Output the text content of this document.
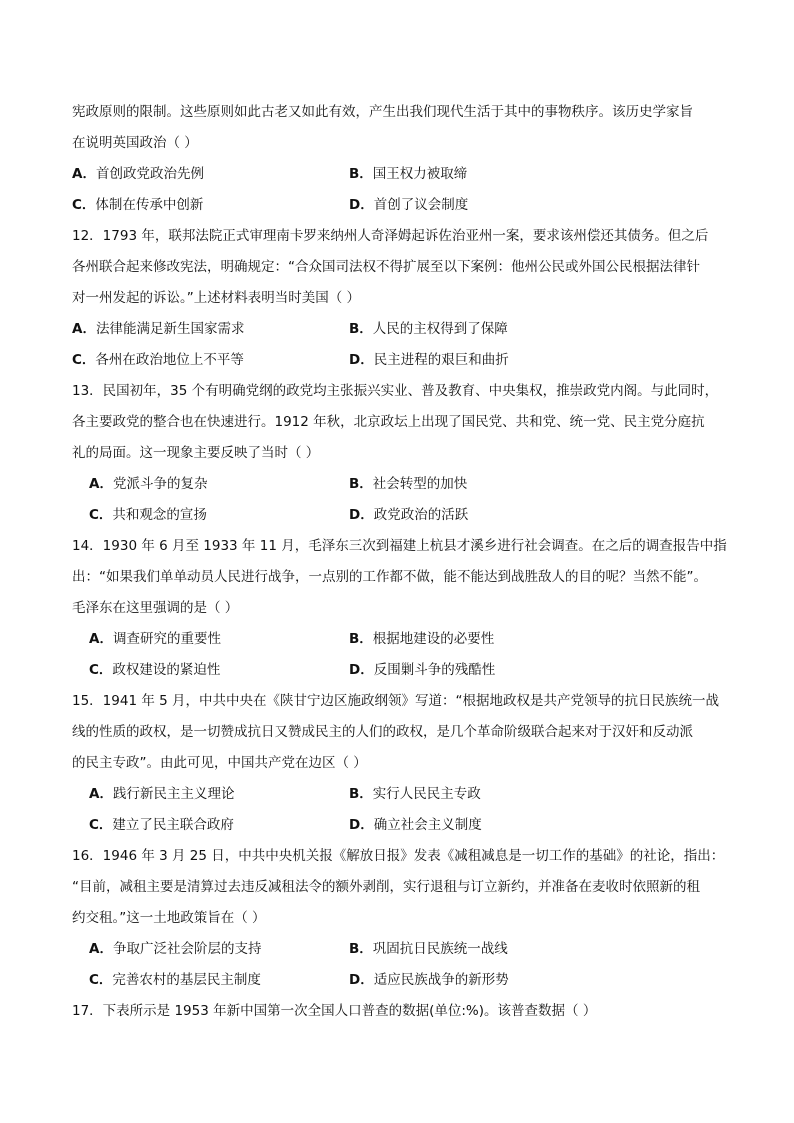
宪政原则的限制。这些原则如此古老又如此有效，产生出我们现代生活于其中的事物秩序。该历史学家旨
在说明英国政治（ ）
A．首创政党政治先例	B．国王权力被取缔
C．体制在传承中创新	D．首创了议会制度
12．1793 年，联邦法院正式审理南卡罗来纳州人奇泽姆起诉佐治亚州一案，要求该州偿还其债务。但之后
各州联合起来修改宪法，明确规定：“合众国司法权不得扩展至以下案例：他州公民或外国公民根据法律针
对一州发起的诉讼。”上述材料表明当时美国（ ）
A．法律能满足新生国家需求	B．人民的主权得到了保障
C．各州在政治地位上不平等	D．民主进程的艰巨和曲折
13．民国初年，35 个有明确党纲的政党均主张振兴实业、普及教育、中央集权，推崇政党内阁。与此同时，
各主要政党的整合也在快速进行。1912 年秋，北京政坛上出现了国民党、共和党、统一党、民主党分庭抗
礼的局面。这一现象主要反映了当时（ ）
A．党派斗争的复杂	B．社会转型的加快
C．共和观念的宣扬	D．政党政治的活跃
14．1930 年 6 月至 1933 年 11 月，毛泽东三次到福建上杭县才溪乡进行社会调查。在之后的调查报告中指
出：“如果我们单单动员人民进行战争，一点别的工作都不做，能不能达到战胜敌人的目的呢？当然不能”。
毛泽东在这里强调的是（ ）
A．调查研究的重要性	B．根据地建设的必要性
C．政权建设的紧迫性	D．反围剿斗争的残酷性
15．1941 年 5 月，中共中央在《陕甘宁边区施政纲领》写道：“根据地政权是共产党领导的抗日民族统一战
线的性质的政权，是一切赞成抗日又赞成民主的人们的政权，是几个革命阶级联合起来对于汉奸和反动派
的民主专政”。由此可见，中国共产党在边区（ ）
A．践行新民主主义理论	B．实行人民民主专政
C．建立了民主联合政府	D．确立社会主义制度
16．1946 年 3 月 25 日，中共中央机关报《解放日报》发表《减租减息是一切工作的基础》的社论，指出：
“目前，减租主要是清算过去违反减租法令的额外剥削，实行退租与订立新约，并准备在麦收时依照新的租
约交租。”这一土地政策旨在（ ）
A．争取广泛社会阶层的支持	B．巩固抗日民族统一战线
C．完善农村的基层民主制度	D．适应民族战争的新形势
17．下表所示是 1953 年新中国第一次全国人口普查的数据(单位:%)。该普查数据（ ）
